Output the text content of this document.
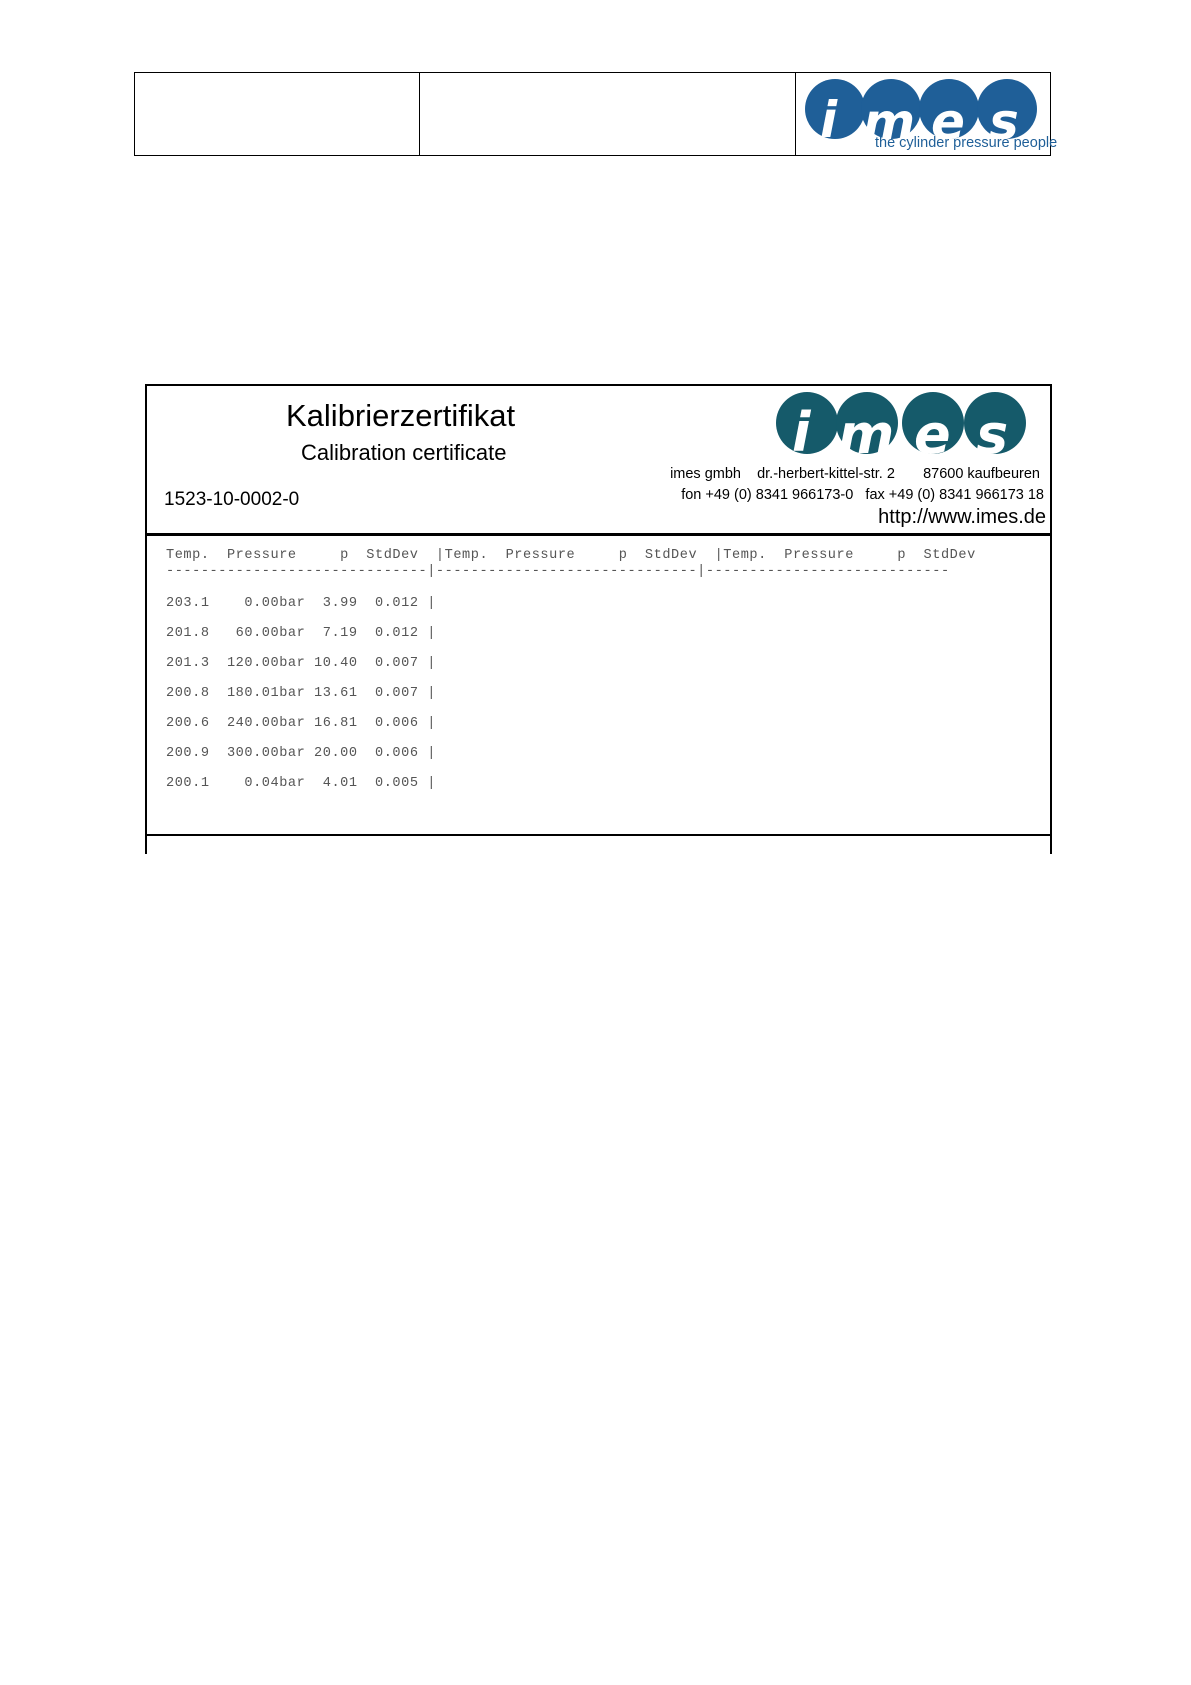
i m e s
the cylinder pressure people
Kalibrierzertifikat
Calibration certificate
1523-10-0002-0
i m e s
imes gmbh    dr.-herbert-kittel-str. 2       87600 kaufbeuren
fon +49 (0) 8341 966173-0   fax +49 (0) 8341 966173 18
http://www.imes.de
Temp.  Pressure     p  StdDev  |Temp.  Pressure     p  StdDev  |Temp.  Pressure     p  StdDev
------------------------------|------------------------------|----------------------------
203.1    0.00bar  3.99  0.012 |
201.8   60.00bar  7.19  0.012 |
201.3  120.00bar 10.40  0.007 |
200.8  180.01bar 13.61  0.007 |
200.6  240.00bar 16.81  0.006 |
200.9  300.00bar 20.00  0.006 |
200.1    0.04bar  4.01  0.005 |
